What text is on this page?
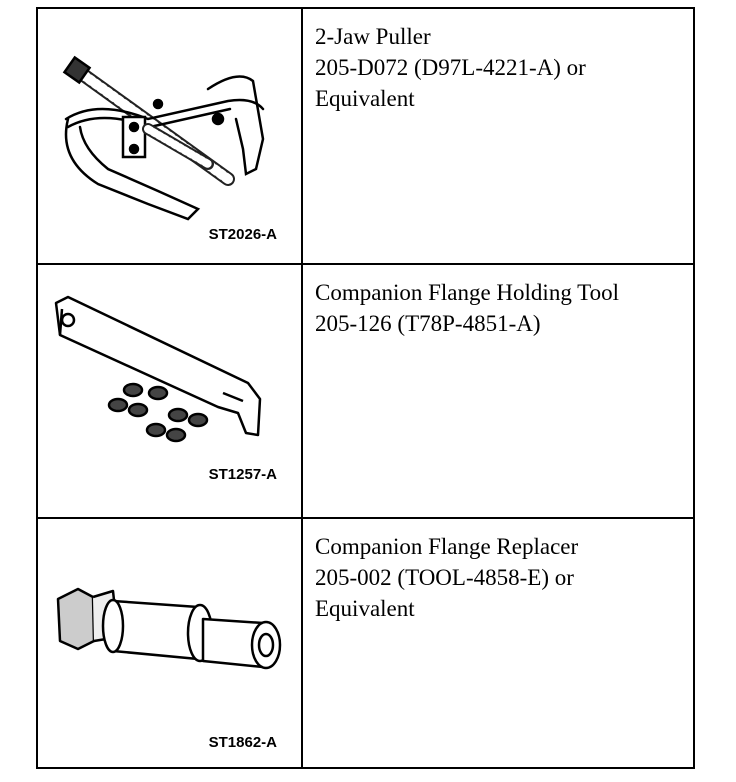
ST2026-A
2-Jaw Puller
205-D072 (D97L-4221-A) or
Equivalent
ST1257-A
Companion Flange Holding Tool
205-126 (T78P-4851-A)
ST1862-A
Companion Flange Replacer
205-002 (TOOL-4858-E) or
Equivalent
